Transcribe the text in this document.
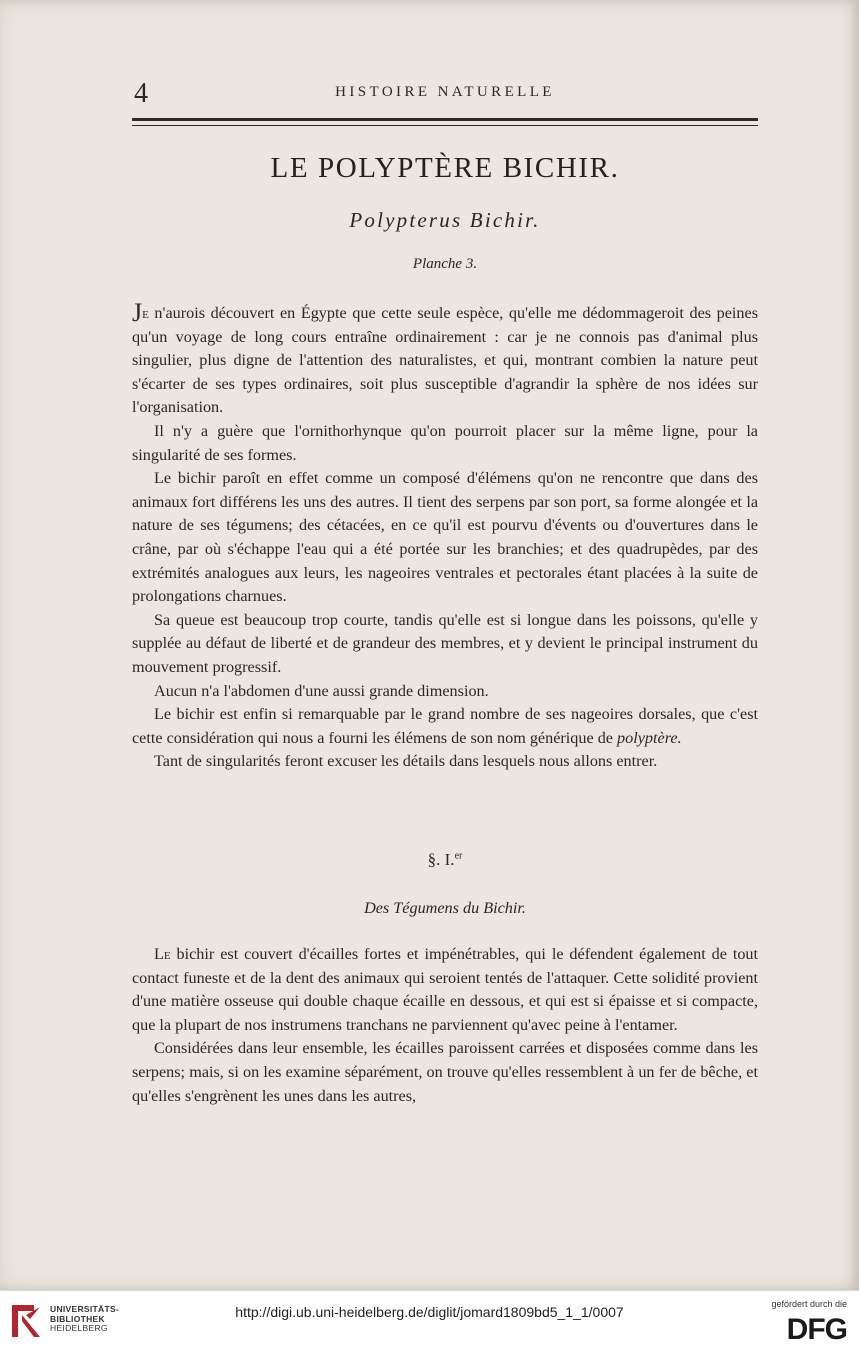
4	HISTOIRE NATURELLE
LE POLYPTÈRE BICHIR.
Polypterus Bichir.
Planche 3.

Je n'aurois découvert en Égypte que cette seule espèce, qu'elle me dédommageroit des peines qu'un voyage de long cours entraîne ordinairement : car je ne connois pas d'animal plus singulier, plus digne de l'attention des naturalistes, et qui, montrant combien la nature peut s'écarter de ses types ordinaires, soit plus susceptible d'agrandir la sphère de nos idées sur l'organisation.

Il n'y a guère que l'ornithorhynque qu'on pourroit placer sur la même ligne, pour la singularité de ses formes.

Le bichir paroît en effet comme un composé d'élémens qu'on ne rencontre que dans des animaux fort différens les uns des autres. Il tient des serpens par son port, sa forme alongée et la nature de ses tégumens; des cétacées, en ce qu'il est pourvu d'évents ou d'ouvertures dans le crâne, par où s'échappe l'eau qui a été portée sur les branchies; et des quadrupèdes, par des extrémités analogues aux leurs, les nageoires ventrales et pectorales étant placées à la suite de prolongations charnues.

Sa queue est beaucoup trop courte, tandis qu'elle est si longue dans les poissons, qu'elle y supplée au défaut de liberté et de grandeur des membres, et y devient le principal instrument du mouvement progressif.

Aucun n'a l'abdomen d'une aussi grande dimension.

Le bichir est enfin si remarquable par le grand nombre de ses nageoires dorsales, que c'est cette considération qui nous a fourni les élémens de son nom générique de polyptère.

Tant de singularités feront excuser les détails dans lesquels nous allons entrer.

§. I.$^{er}$
Des Tégumens du Bichir.

Le bichir est couvert d'écailles fortes et impénétrables, qui le défendent également de tout contact funeste et de la dent des animaux qui seroient tentés de l'attaquer. Cette solidité provient d'une matière osseuse qui double chaque écaille en dessous, et qui est si épaisse et si compacte, que la plupart de nos instrumens tranchans ne parviennent qu'avec peine à l'entamer.

Considérées dans leur ensemble, les écailles paroissent carrées et disposées comme dans les serpens; mais, si on les examine séparément, on trouve qu'elles ressemblent à un fer de bêche, et qu'elles s'engrènent les unes dans les autres,

UNIVERSITÄTS-
BIBLIOTHEK
HEIDELBERG
http://digi.ub.uni-heidelberg.de/diglit/jomard1809bd5_1_1/0007	gefördert durch die
DFG
